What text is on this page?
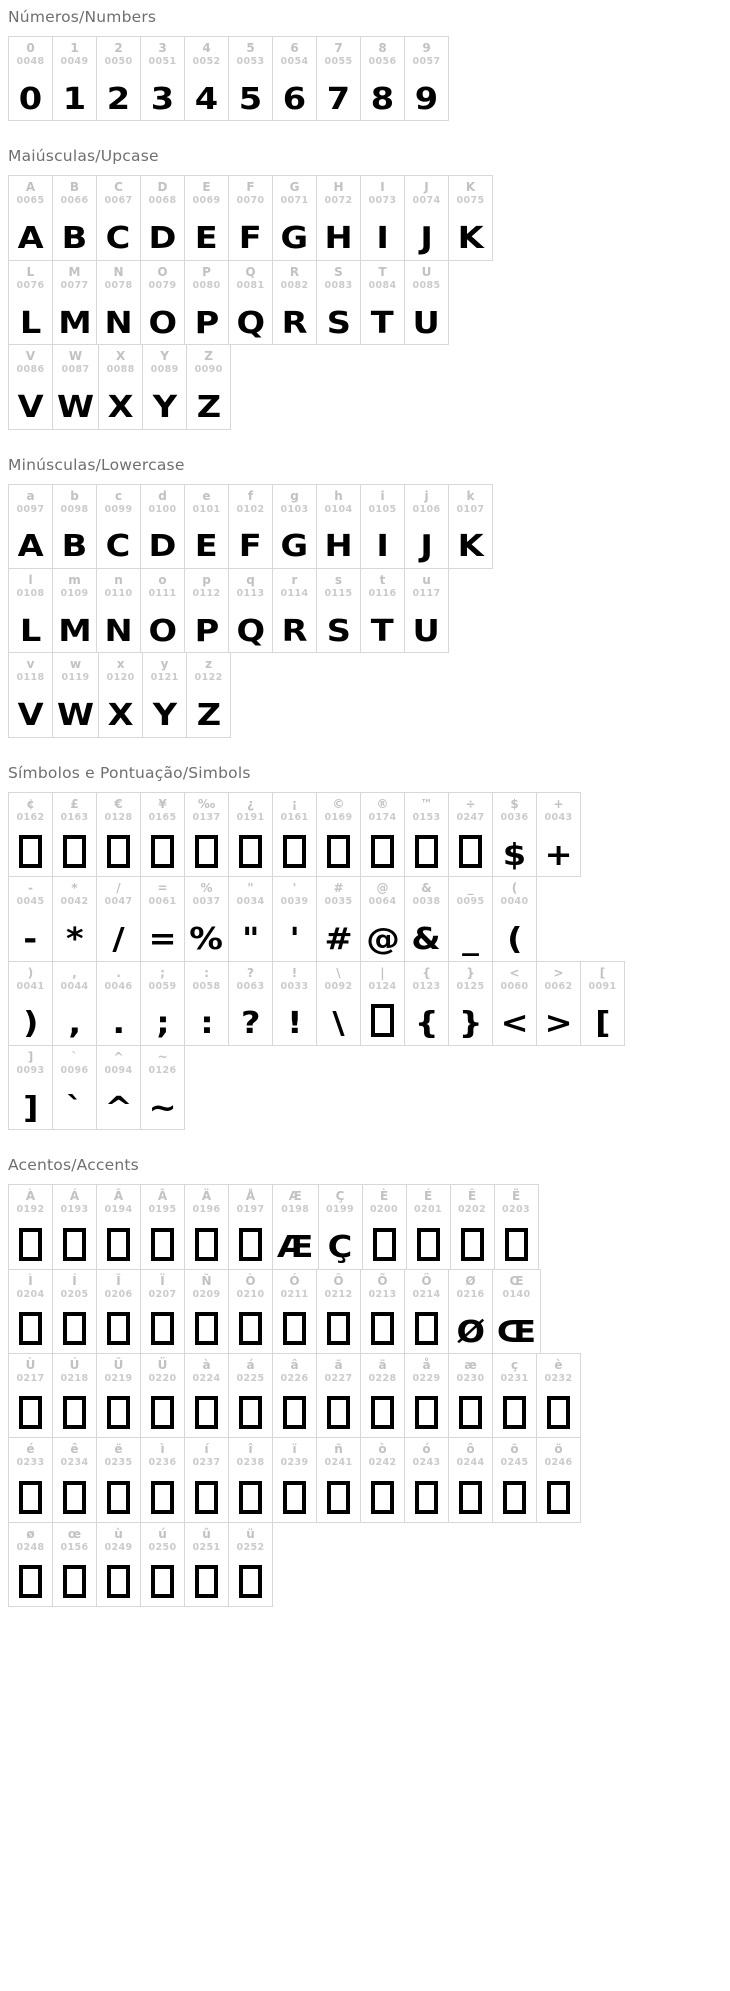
Números/Numbers
0
0048
0
1
0049
1
2
0050
2
3
0051
3
4
0052
4
5
0053
5
6
0054
6
7
0055
7
8
0056
8
9
0057
9
Maiúsculas/Upcase
A
0065
A
B
0066
B
C
0067
C
D
0068
D
E
0069
E
F
0070
F
G
0071
G
H
0072
H
I
0073
I
J
0074
J
K
0075
K
L
0076
L
M
0077
M
N
0078
N
O
0079
O
P
0080
P
Q
0081
Q
R
0082
R
S
0083
S
T
0084
T
U
0085
U
V
0086
V
W
0087
W
X
0088
X
Y
0089
Y
Z
0090
Z
Minúsculas/Lowercase
a
0097
A
b
0098
B
c
0099
C
d
0100
D
e
0101
E
f
0102
F
g
0103
G
h
0104
H
i
0105
I
j
0106
J
k
0107
K
l
0108
L
m
0109
M
n
0110
N
o
0111
O
p
0112
P
q
0113
Q
r
0114
R
s
0115
S
t
0116
T
u
0117
U
v
0118
V
w
0119
W
x
0120
X
y
0121
Y
z
0122
Z
Símbolos e Pontuação/Simbols
¢
0162
£
0163
€
0128
¥
0165
‰
0137
¿
0191
¡
0161
©
0169
®
0174
™
0153
÷
0247
$
0036
$
+
0043
+
-
0045
-
*
0042
*
/
0047
/
=
0061
=
%
0037
%
"
0034
"
'
0039
'
#
0035
#
@
0064
@
&
0038
&
_
0095
_
(
0040
(
)
0041
)
,
0044
,
.
0046
.
;
0059
;
:
0058
:
?
0063
?
!
0033
!
\
0092
\
|
0124
{
0123
{
}
0125
}
<
0060
<
>
0062
>
[
0091
[
]
0093
]
`
0096
`
^
0094
^
~
0126
~
Acentos/Accents
À
0192
Á
0193
Â
0194
Ã
0195
Ä
0196
Å
0197
Æ
0198
Æ
Ç
0199
Ç
È
0200
É
0201
Ê
0202
Ë
0203
Ì
0204
Í
0205
Î
0206
Ï
0207
Ñ
0209
Ò
0210
Ó
0211
Ô
0212
Õ
0213
Ö
0214
Ø
0216
Ø
Œ
0140
Œ
Ù
0217
Ú
0218
Û
0219
Ü
0220
à
0224
á
0225
â
0226
ã
0227
ä
0228
å
0229
æ
0230
ç
0231
è
0232
é
0233
ê
0234
ë
0235
ì
0236
í
0237
î
0238
ï
0239
ñ
0241
ò
0242
ó
0243
ô
0244
õ
0245
ö
0246
ø
0248
œ
0156
ù
0249
ú
0250
û
0251
ü
0252
